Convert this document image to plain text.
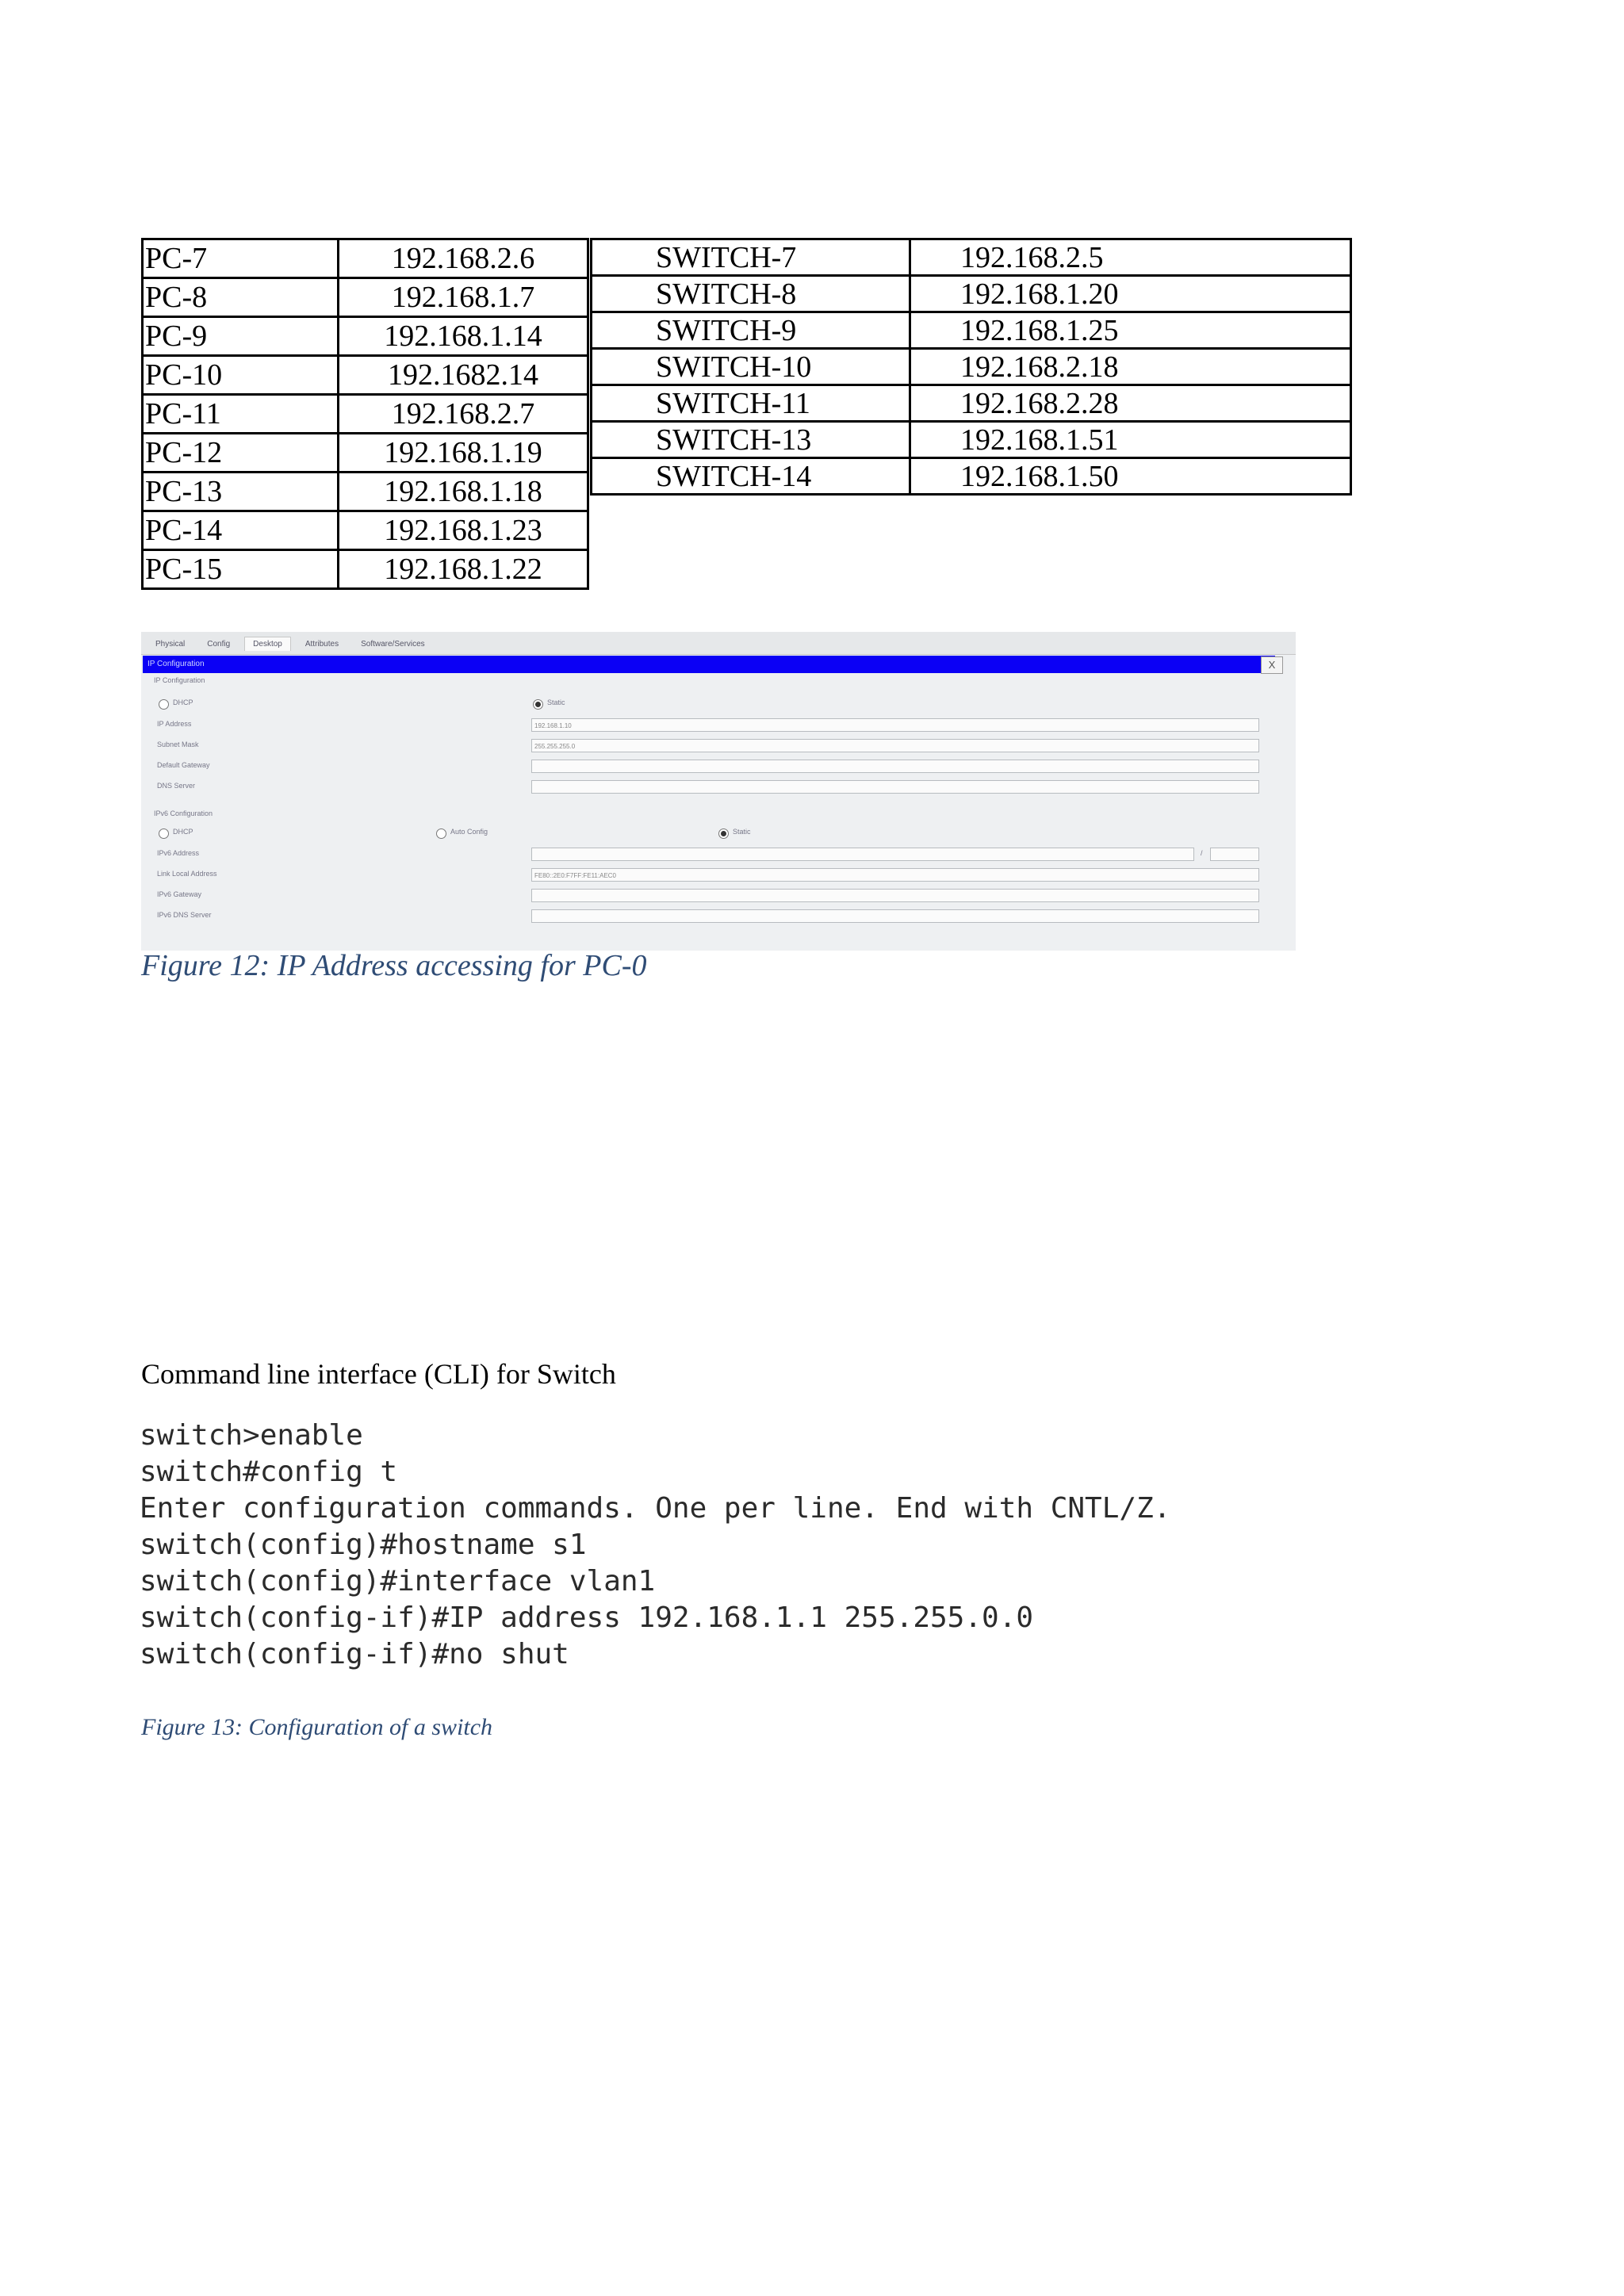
PC-7	192.168.2.6
PC-8	192.168.1.7
PC-9	192.168.1.14
PC-10	192.1682.14
PC-11	192.168.2.7
PC-12	192.168.1.19
PC-13	192.168.1.18
PC-14	192.168.1.23
PC-15	192.168.1.22
SWITCH-7	192.168.2.5
SWITCH-8	192.168.1.20
SWITCH-9	192.168.1.25
SWITCH-10	192.168.2.18
SWITCH-11	192.168.2.28
SWITCH-13	192.168.1.51
SWITCH-14	192.168.1.50
Physical	Config	Desktop	Attributes	Software/Services
IP Configuration	X
IP Configuration
DHCP	Static
IP Address	192.168.1.10
Subnet Mask	255.255.255.0
Default Gateway
DNS Server
IPv6 Configuration
DHCP	Auto Config	Static
IPv6 Address	/
Link Local Address	FE80::2E0:F7FF:FE11:AEC0
IPv6 Gateway
IPv6 DNS Server
Figure 12: IP Address accessing for PC-0
Command line interface (CLI) for Switch
switch>enable
switch#config t
Enter configuration commands. One per line. End with CNTL/Z.
switch(config)#hostname s1
switch(config)#interface vlan1
switch(config-if)#IP address 192.168.1.1 255.255.0.0
switch(config-if)#no shut
Figure 13: Configuration of a switch
